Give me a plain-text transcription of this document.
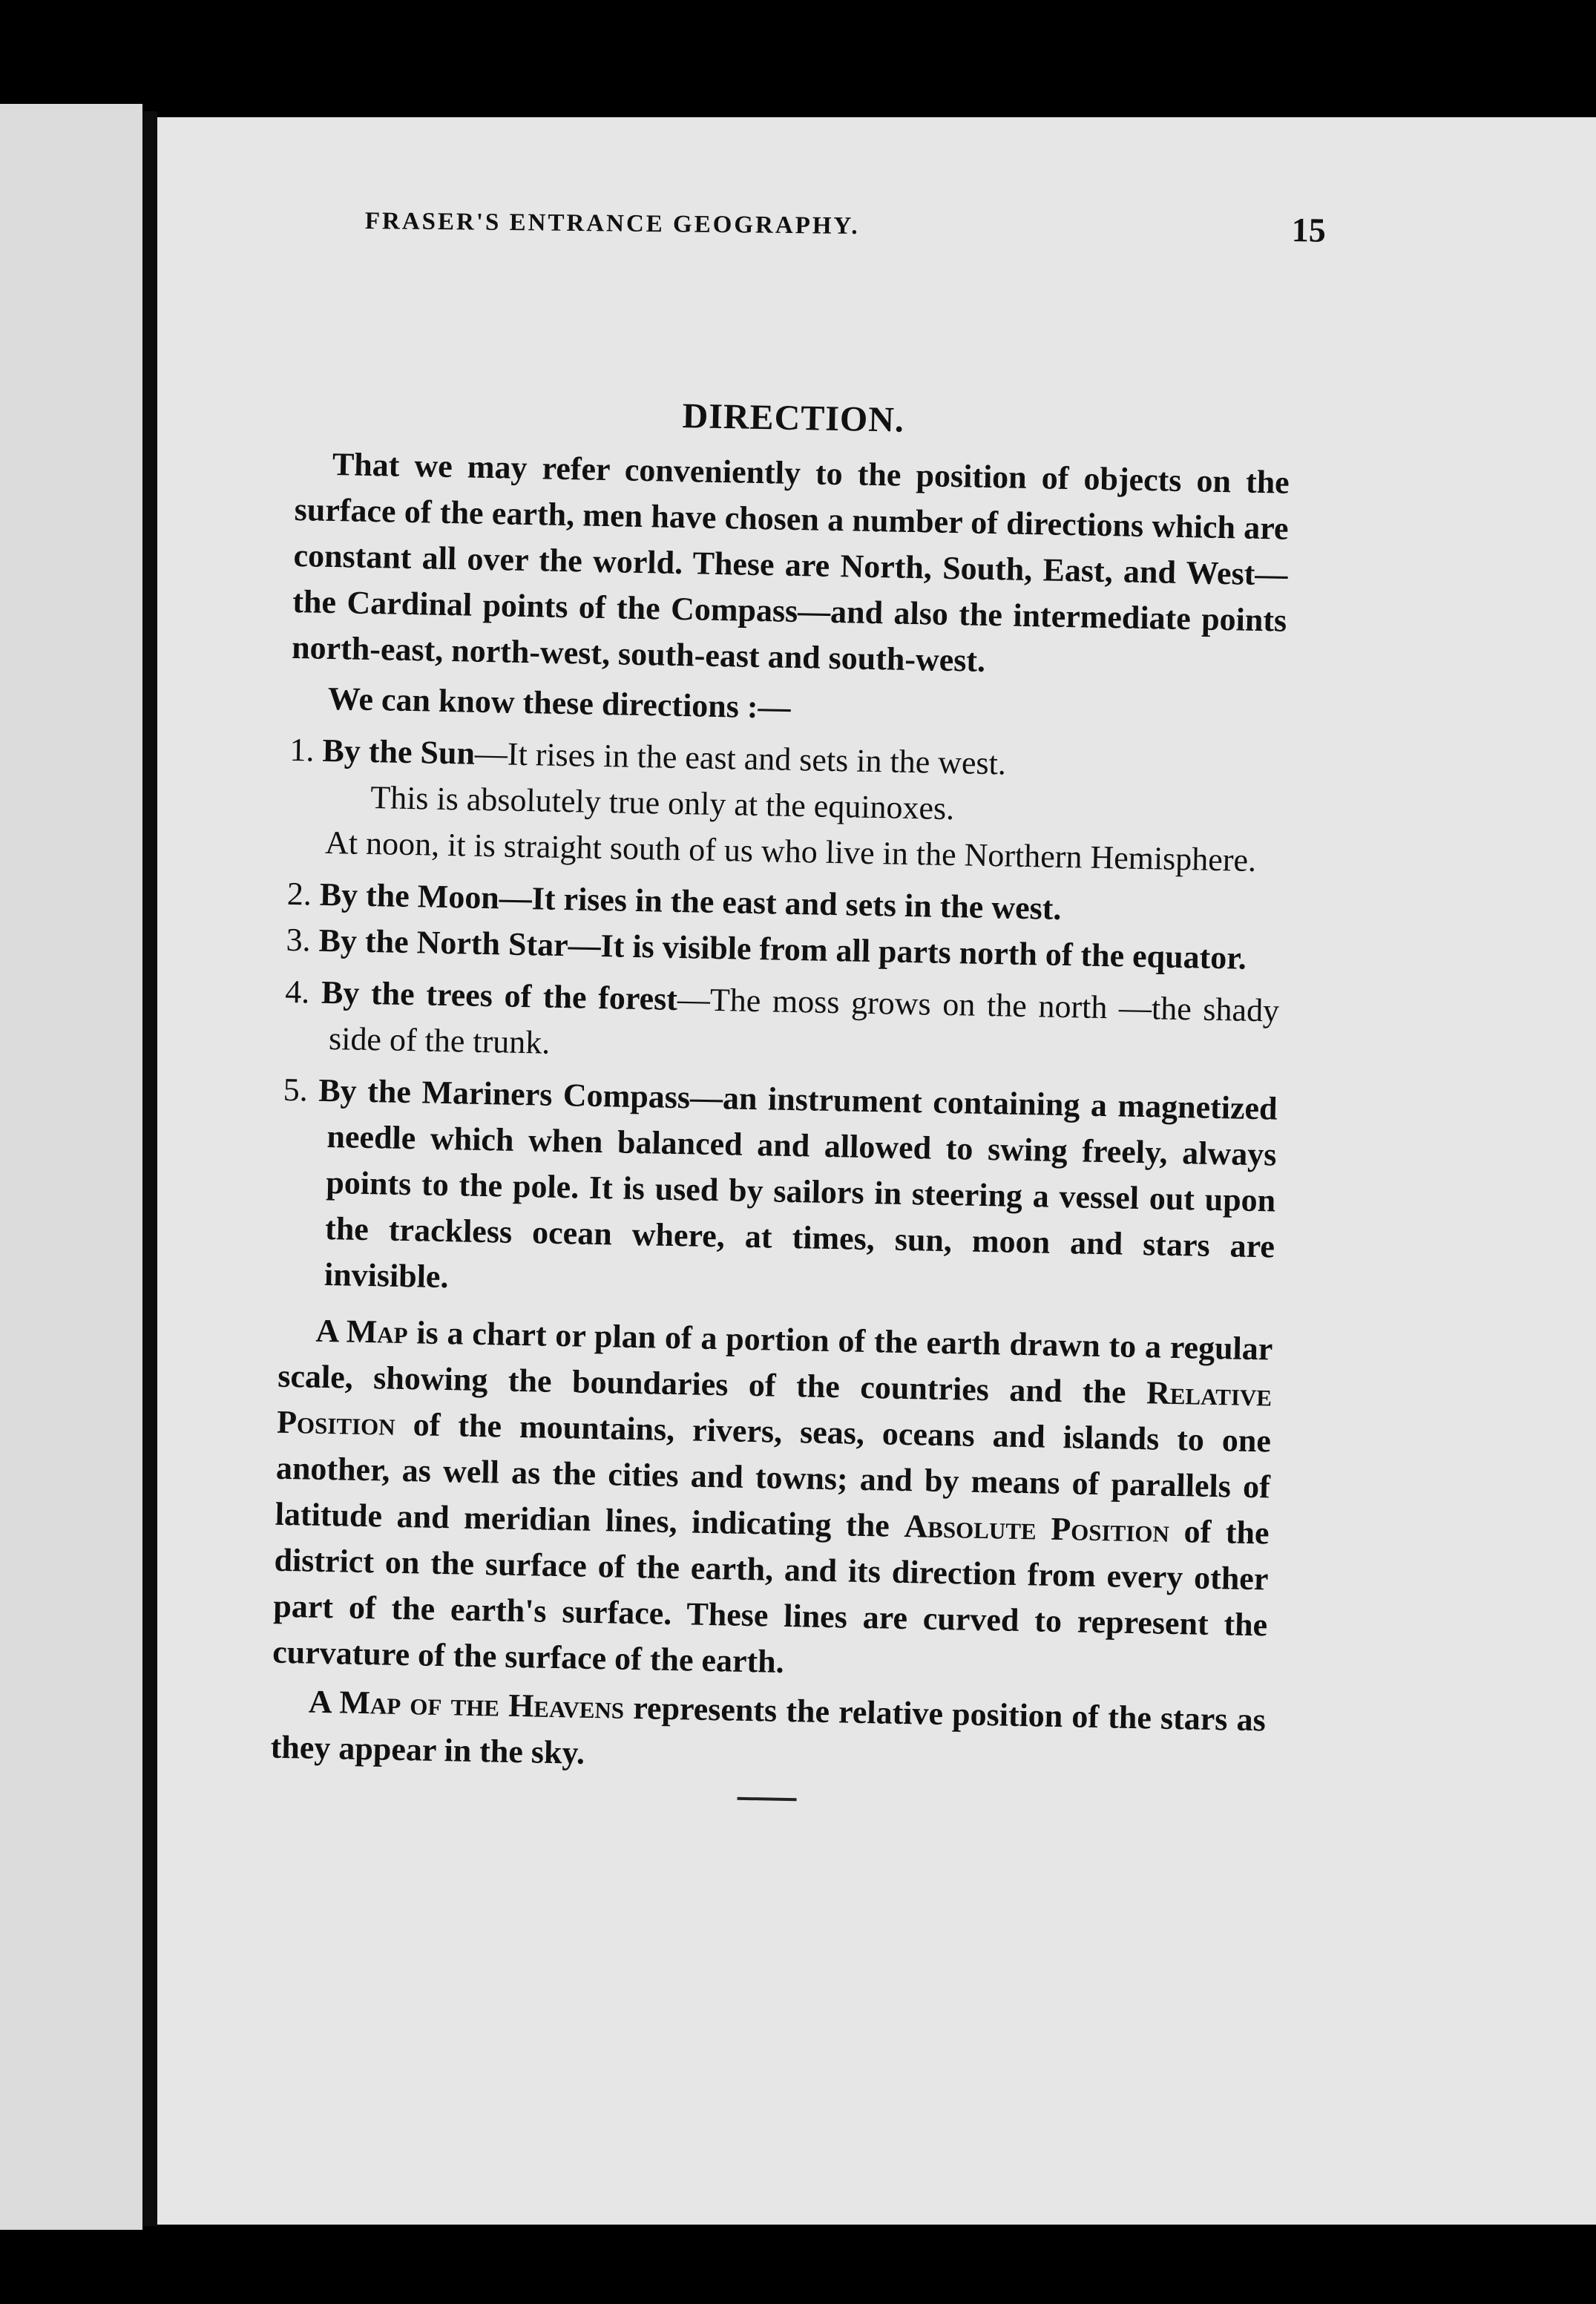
FRASER'S ENTRANCE GEOGRAPHY.	15
DIRECTION.

That we may refer conveniently to the position of objects on the surface of the earth, men have chosen a number of directions which are constant all over the world. These are North, South, East, and West—the Cardinal points of the Compass—and also the intermediate points north-east, north-west, south-east and south-west.

We can know these directions :—

1. By the Sun—It rises in the east and sets in the west.

This is absolutely true only at the equinoxes.

At noon, it is straight south of us who live in the Northern Hemisphere.

2. By the Moon—It rises in the east and sets in the west.
3. By the North Star—It is visible from all parts north of the equator.
4. By the trees of the forest—The moss grows on the north —the shady side of the trunk.
5. By the Mariners Compass—an instrument containing a magnetized needle which when balanced and allowed to swing freely, always points to the pole. It is used by sailors in steering a vessel out upon the trackless ocean where, at times, sun, moon and stars are invisible.

A Map is a chart or plan of a portion of the earth drawn to a regular scale, showing the boundaries of the countries and the Relative Position of the mountains, rivers, seas, oceans and islands to one another, as well as the cities and towns; and by means of parallels of latitude and meridian lines, indicating the Absolute Position of the district on the surface of the earth, and its direction from every other part of the earth's surface. These lines are curved to represent the curvature of the surface of the earth.

A Map of the Heavens represents the relative position of the stars as they appear in the sky.
